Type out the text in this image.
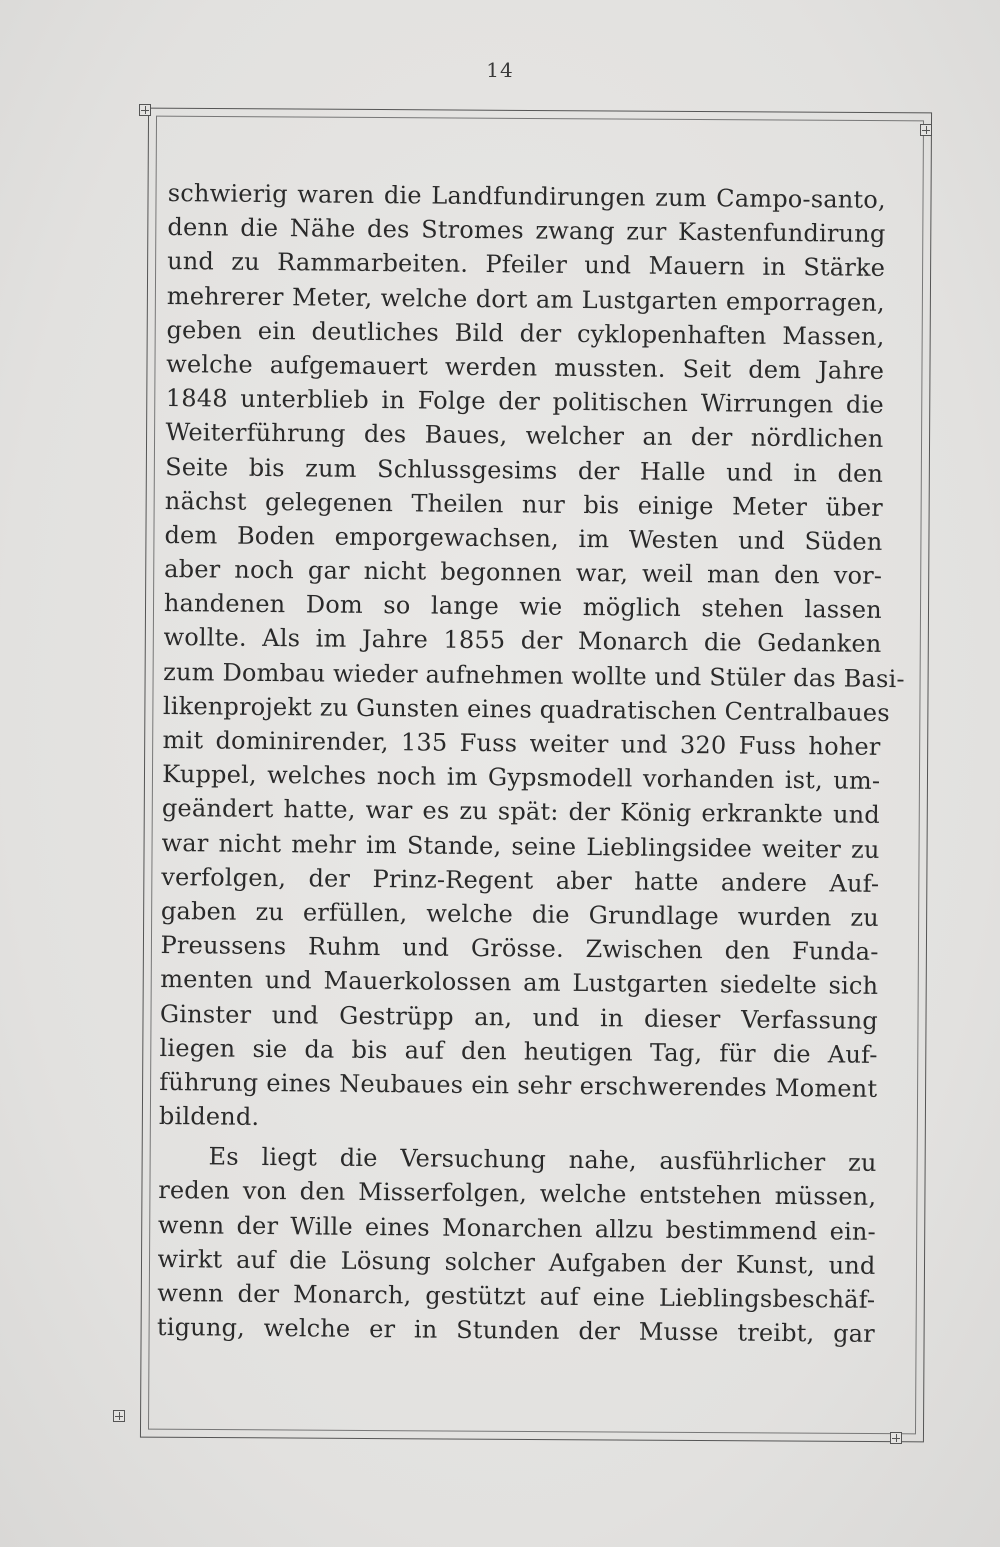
14
schwierig waren die Landfundirungen zum Campo-santo,
denn die Nähe des Stromes zwang zur Kastenfundirung
und zu Rammarbeiten. Pfeiler und Mauern in Stärke
mehrerer Meter, welche dort am Lustgarten emporragen,
geben ein deutliches Bild der cyklopenhaften Massen,
welche aufgemauert werden mussten. Seit dem Jahre
1848 unterblieb in Folge der politischen Wirrungen die
Weiterführung des Baues, welcher an der nördlichen
Seite bis zum Schlussgesims der Halle und in den
nächst gelegenen Theilen nur bis einige Meter über
dem Boden emporgewachsen, im Westen und Süden
aber noch gar nicht begonnen war, weil man den vor-
handenen Dom so lange wie möglich stehen lassen
wollte. Als im Jahre 1855 der Monarch die Gedanken
zum Dombau wieder aufnehmen wollte und Stüler das Basi-
likenprojekt zu Gunsten eines quadratischen Centralbaues
mit dominirender, 135 Fuss weiter und 320 Fuss hoher
Kuppel, welches noch im Gypsmodell vorhanden ist, um-
geändert hatte, war es zu spät: der König erkrankte und
war nicht mehr im Stande, seine Lieblingsidee weiter zu
verfolgen, der Prinz-Regent aber hatte andere Auf-
gaben zu erfüllen, welche die Grundlage wurden zu
Preussens Ruhm und Grösse. Zwischen den Funda-
menten und Mauerkolossen am Lustgarten siedelte sich
Ginster und Gestrüpp an, und in dieser Verfassung
liegen sie da bis auf den heutigen Tag, für die Auf-
führung eines Neubaues ein sehr erschwerendes Moment
bildend.
Es liegt die Versuchung nahe, ausführlicher zu
reden von den Misserfolgen, welche entstehen müssen,
wenn der Wille eines Monarchen allzu bestimmend ein-
wirkt auf die Lösung solcher Aufgaben der Kunst, und
wenn der Monarch, gestützt auf eine Lieblingsbeschäf-
tigung, welche er in Stunden der Musse treibt, gar
